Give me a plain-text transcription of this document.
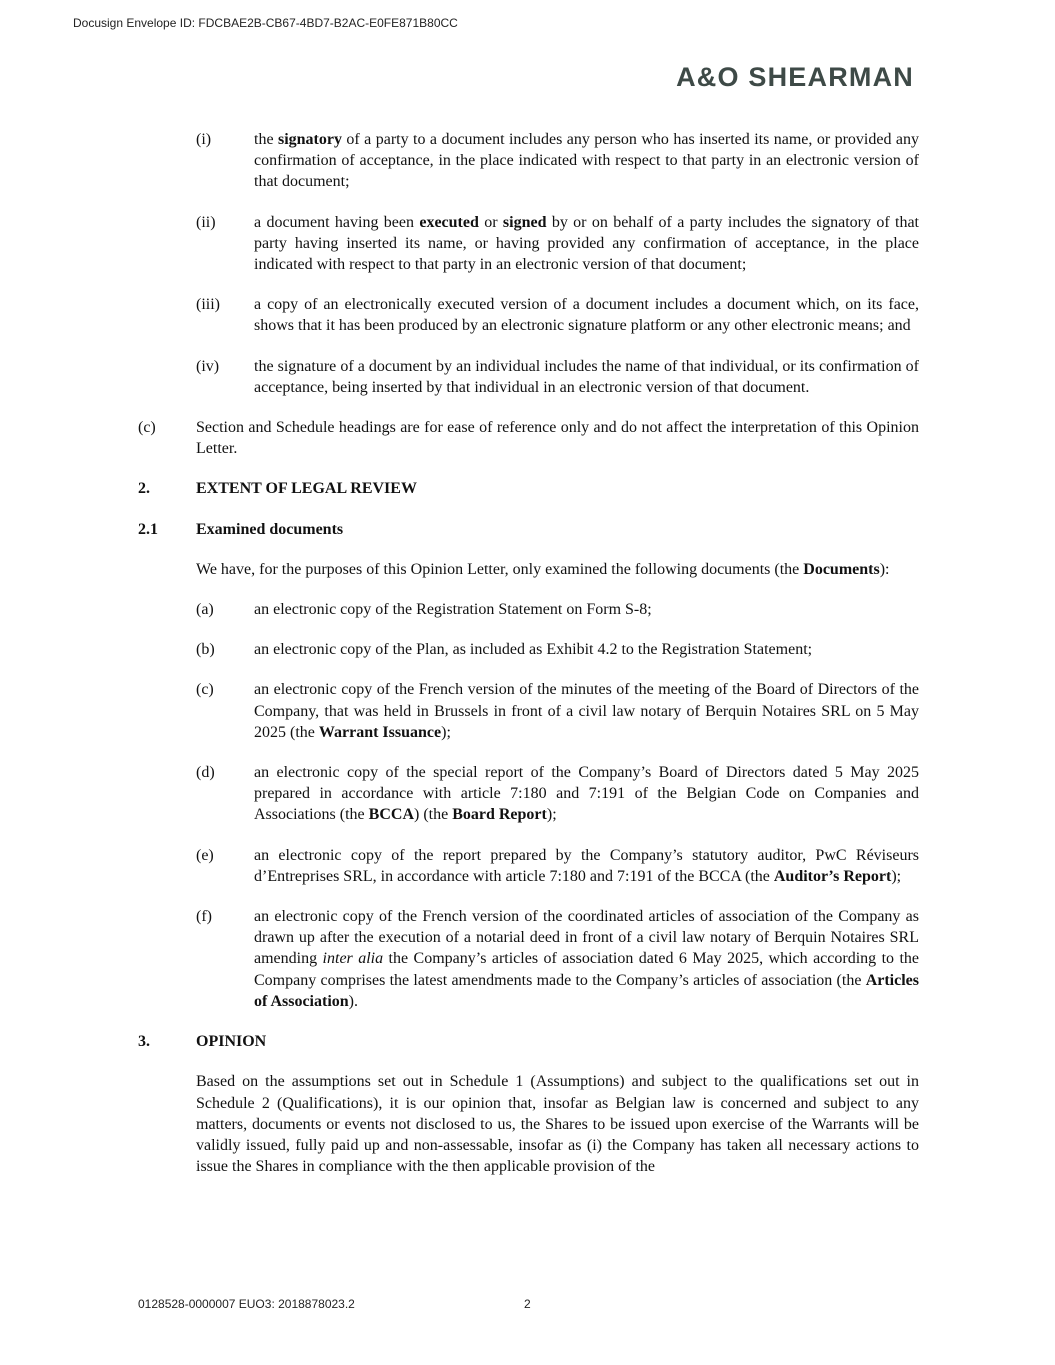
Docusign Envelope ID: FDCBAE2B-CB67-4BD7-B2AC-E0FE871B80CC
A&O SHEARMAN
(i)	the signatory of a party to a document includes any person who has inserted its name, or provided any confirmation of acceptance, in the place indicated with respect to that party in an electronic version of that document;
(ii) a document having been executed or signed by or on behalf of a party includes the signatory of that party having inserted its name, or having provided any confirmation of acceptance, in the place indicated with respect to that party in an electronic version of that document;
(iii) a copy of an electronically executed version of a document includes a document which, on its face, shows that it has been produced by an electronic signature platform or any other electronic means; and
(iv) the signature of a document by an individual includes the name of that individual, or its confirmation of acceptance, being inserted by that individual in an electronic version of that document.
(c)	Section and Schedule headings are for ease of reference only and do not affect the interpretation of this Opinion Letter.
2.	EXTENT OF LEGAL REVIEW
2.1 Examined documents
We have, for the purposes of this Opinion Letter, only examined the following documents (the Documents):
(a)	an electronic copy of the Registration Statement on Form S-8;
(b) an electronic copy of the Plan, as included as Exhibit 4.2 to the Registration Statement;
(c)	an electronic copy of the French version of the minutes of the meeting of the Board of Directors of the Company, that was held in Brussels in front of a civil law notary of Berquin Notaires SRL on 5 May 2025 (the Warrant Issuance);
(d) an electronic copy of the special report of the Company’s Board of Directors dated 5 May 2025 prepared in accordance with article 7:180 and 7:191 of the Belgian Code on Companies and Associations (the BCCA) (the Board Report);
(e)	an electronic copy of the report prepared by the Company’s statutory auditor, PwC Réviseurs d’Entreprises SRL, in accordance with article 7:180 and 7:191 of the BCCA (the Auditor’s Report);
(f)	an electronic copy of the French version of the coordinated articles of association of the Company as drawn up after the execution of a notarial deed in front of a civil law notary of Berquin Notaires SRL amending inter alia the Company’s articles of association dated 6 May 2025, which according to the Company comprises the latest amendments made to the Company’s articles of association (the Articles of Association).
3.	OPINION
Based on the assumptions set out in Schedule 1 (Assumptions) and subject to the qualifications set out in Schedule 2 (Qualifications), it is our opinion that, insofar as Belgian law is concerned and subject to any matters, documents or events not disclosed to us, the Shares to be issued upon exercise of the Warrants will be validly issued, fully paid up and non-assessable, insofar as (i) the Company has taken all necessary actions to issue the Shares in compliance with the then applicable provision of the
0128528-0000007 EUO3: 2018878023.2	2
